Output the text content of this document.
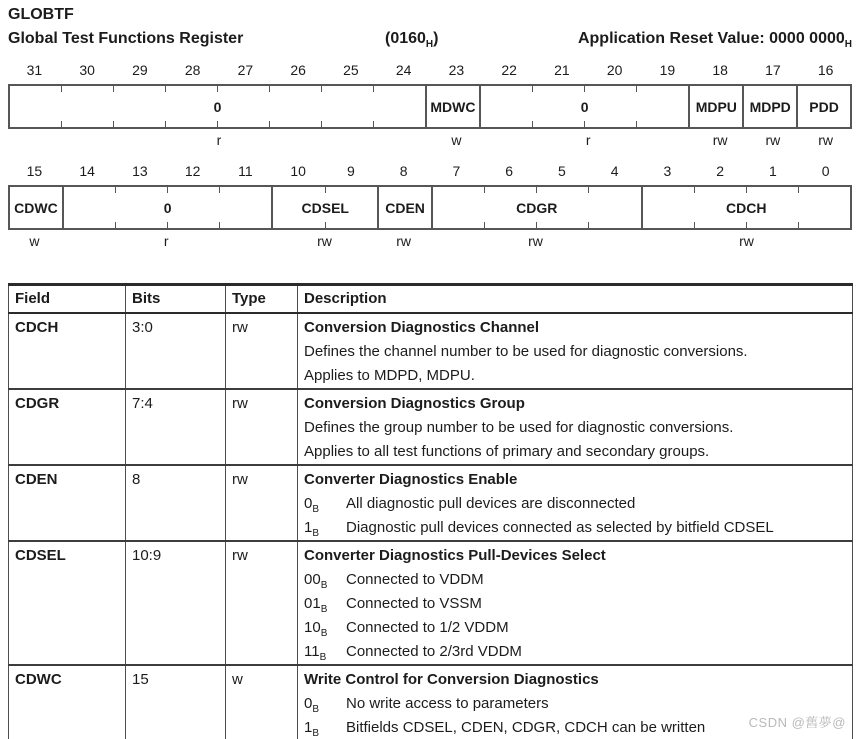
GLOBTF
Global Test Functions Register	$(0160_H)$	Application Reset Value: 0000 $0000_H$
31	30	29	28	27	26	25	24	23	22	21	20	19	18	17	16
0	MDWC	0	MDPU MDPD PDD
r	w	r	rw	rw	rw
15	14	13	12	11	10	9	8	7	6	5	4	3	2	1	0
CDWC	0	CDSEL	CDEN	CDGR	CDCH
w	r	rw	rw	rw	rw
Field	Bits	Type	Description
CDCH	3:0	rw	Conversion Diagnostics Channel
Defines the channel number to be used for diagnostic conversions.
Applies to MDPD, MDPU.

CDGR	7:4	rw	Conversion Diagnostics Group
Defines the group number to be used for diagnostic conversions.
Applies to all test functions of primary and secondary groups.

CDEN	8	rw	Converter Diagnostics Enable
$0_B$ All diagnostic pull devices are disconnected
$1_B$ Diagnostic pull devices connected as selected by bitfield CDSEL

CDSEL	10:9	rw	Converter Diagnostics Pull-Devices Select
$00_B$ Connected to VDDM
$01_B$ Connected to VSSM
$10_B$ Connected to 1/2 VDDM
$11_B$ Connected to 2/3rd VDDM

CDWC	15	w	Write Control for Conversion Diagnostics
$0_B$ No write access to parameters
$1_B$ Bitfields CDSEL, CDEN, CDGR, CDCH can be written	CSDN @舊夢@
